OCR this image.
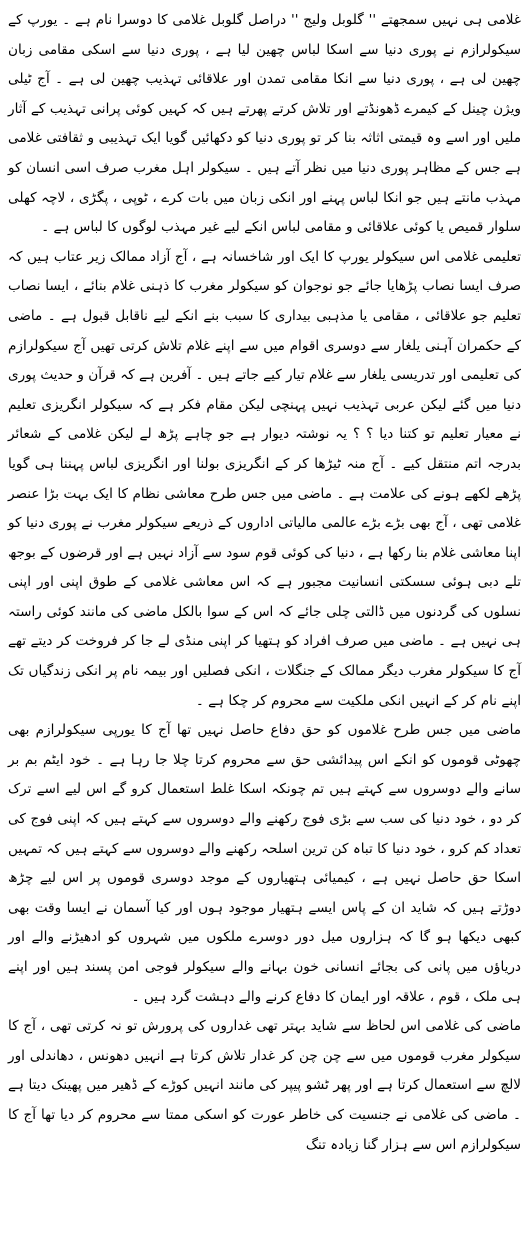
غلامی ہی نہیں سمجھتے '' گلوبل ولیج '' دراصل گلوبل غلامی کا دوسرا نام ہے ۔ یورپ کے سیکولرازم نے پوری دنیا سے اسکا لباس چھین لیا ہے ، پوری دنیا سے اسکی مقامی زبان چھین لی ہے ، پوری دنیا سے انکا مقامی تمدن اور علاقائی تہذیب چھین لی ہے ۔ آج ٹیلی ویژن چینل کے کیمرے ڈھونڈتے اور تلاش کرتے پھرتے ہیں کہ کہیں کوئی پرانی تہذیب کے آثار ملیں اور اسے وہ قیمتی اثاثہ بنا کر تو پوری دنیا کو دکھائیں گویا ایک تہذیبی و ثقافتی غلامی ہے جس کے مظاہر پوری دنیا میں نظر آتے ہیں ۔ سیکولر اہل مغرب صرف اسی انسان کو مہذب مانتے ہیں جو انکا لباس پہنے اور انکی زبان میں بات کرے ، ٹوپی ، پگڑی ، لاچہ کھلی سلوار قمیص یا کوئی علاقائی و مقامی لباس انکے لیے غیر مہذب لوگوں کا لباس ہے ۔

تعلیمی غلامی اس سیکولر یورپ کا ایک اور شاخسانہ ہے ، آج آزاد ممالک زیر عتاب ہیں کہ صرف ایسا نصاب پڑھایا جائے جو نوجوان کو سیکولر مغرب کا ذہنی غلام بنائے ، ایسا نصاب تعلیم جو علاقائی ، مقامی یا مذہبی بیداری کا سبب بنے انکے لیے ناقابل قبول ہے ۔ ماضی کے حکمران آہنی یلغار سے دوسری اقوام میں سے اپنے غلام تلاش کرتی تھیں آج سیکولرازم کی تعلیمی اور تدریسی یلغار سے غلام تیار کیے جاتے ہیں ۔ آفرین ہے کہ قرآن و حدیث پوری دنیا میں گئے لیکن عربی تہذیب نہیں پہنچی لیکن مقام فکر ہے کہ سیکولر انگریزی تعلیم نے معیار تعلیم تو کتنا دیا ؟ ؟ یہ نوشتہ دیوار ہے جو چاہے پڑھ لے لیکن غلامی کے شعائر بدرجہ اتم منتقل کیے ۔ آج منہ ٹیڑھا کر کے انگریزی بولنا اور انگریزی لباس پہننا ہی گویا پڑھے لکھے ہونے کی علامت ہے ۔ ماضی میں جس طرح معاشی نظام کا ایک بہت بڑا عنصر غلامی تھی ، آج بھی بڑے بڑے عالمی مالیاتی اداروں کے ذریعے سیکولر مغرب نے پوری دنیا کو اپنا معاشی غلام بنا رکھا ہے ، دنیا کی کوئی قوم سود سے آزاد نہیں ہے اور قرضوں کے بوجھ تلے دبی ہوئی سسکتی انسانیت مجبور ہے کہ اس معاشی غلامی کے طوق اپنی اور اپنی نسلوں کی گردنوں میں ڈالتی چلی جائے کہ اس کے سوا بالکل ماضی کی مانند کوئی راستہ ہی نہیں ہے ۔ ماضی میں صرف افراد کو ہتھیا کر اپنی منڈی لے جا کر فروخت کر دیتے تھے آج کا سیکولر مغرب دیگر ممالک کے جنگلات ، انکی فصلیں اور بیمہ نام پر انکی زندگیاں تک اپنے نام کر کے انہیں انکی ملکیت سے محروم کر چکا ہے ۔

ماضی میں جس طرح غلاموں کو حق دفاع حاصل نہیں تھا آج کا یورپی سیکولرازم بھی چھوٹی قوموں کو انکے اس پیدائشی حق سے محروم کرتا چلا جا رہا ہے ۔ خود ایٹم بم بر سانے والے دوسروں سے کہتے ہیں تم چونکہ اسکا غلط استعمال کرو گے اس لیے اسے ترک کر دو ، خود دنیا کی سب سے بڑی فوج رکھنے والے دوسروں سے کہتے ہیں کہ اپنی فوج کی تعداد کم کرو ، خود دنیا کا تباہ کن ترین اسلحہ رکھنے والے دوسروں سے کہتے ہیں کہ تمہیں اسکا حق حاصل نہیں ہے ، کیمیائی ہتھیاروں کے موجد دوسری قوموں پر اس لیے چڑھ دوڑتے ہیں کہ شاید ان کے پاس ایسے ہتھیار موجود ہوں اور کیا آسمان نے ایسا وقت بھی کبھی دیکھا ہو گا کہ ہزاروں میل دور دوسرے ملکوں میں شہروں کو ادھیڑنے والے اور دریاؤں میں پانی کی بجائے انسانی خون بہانے والے سیکولر فوجی امن پسند ہیں اور اپنے ہی ملک ، قوم ، علاقہ اور ایمان کا دفاع کرنے والے دہشت گرد ہیں ۔

ماضی کی غلامی اس لحاظ سے شاید بہتر تھی غداروں کی پرورش تو نہ کرتی تھی ، آج کا سیکولر مغرب قوموں میں سے چن چن کر غدار تلاش کرتا ہے انہیں دھونس ، دھاندلی اور لالچ سے استعمال کرتا ہے اور پھر ٹشو پیپر کی مانند انہیں کوڑے کے ڈھیر میں پھینک دیتا ہے ۔ ماضی کی غلامی نے جنسیت کی خاطر عورت کو اسکی ممتا سے محروم کر دیا تھا آج کا سیکولرازم اس سے ہزار گنا زیادہ تنگ
